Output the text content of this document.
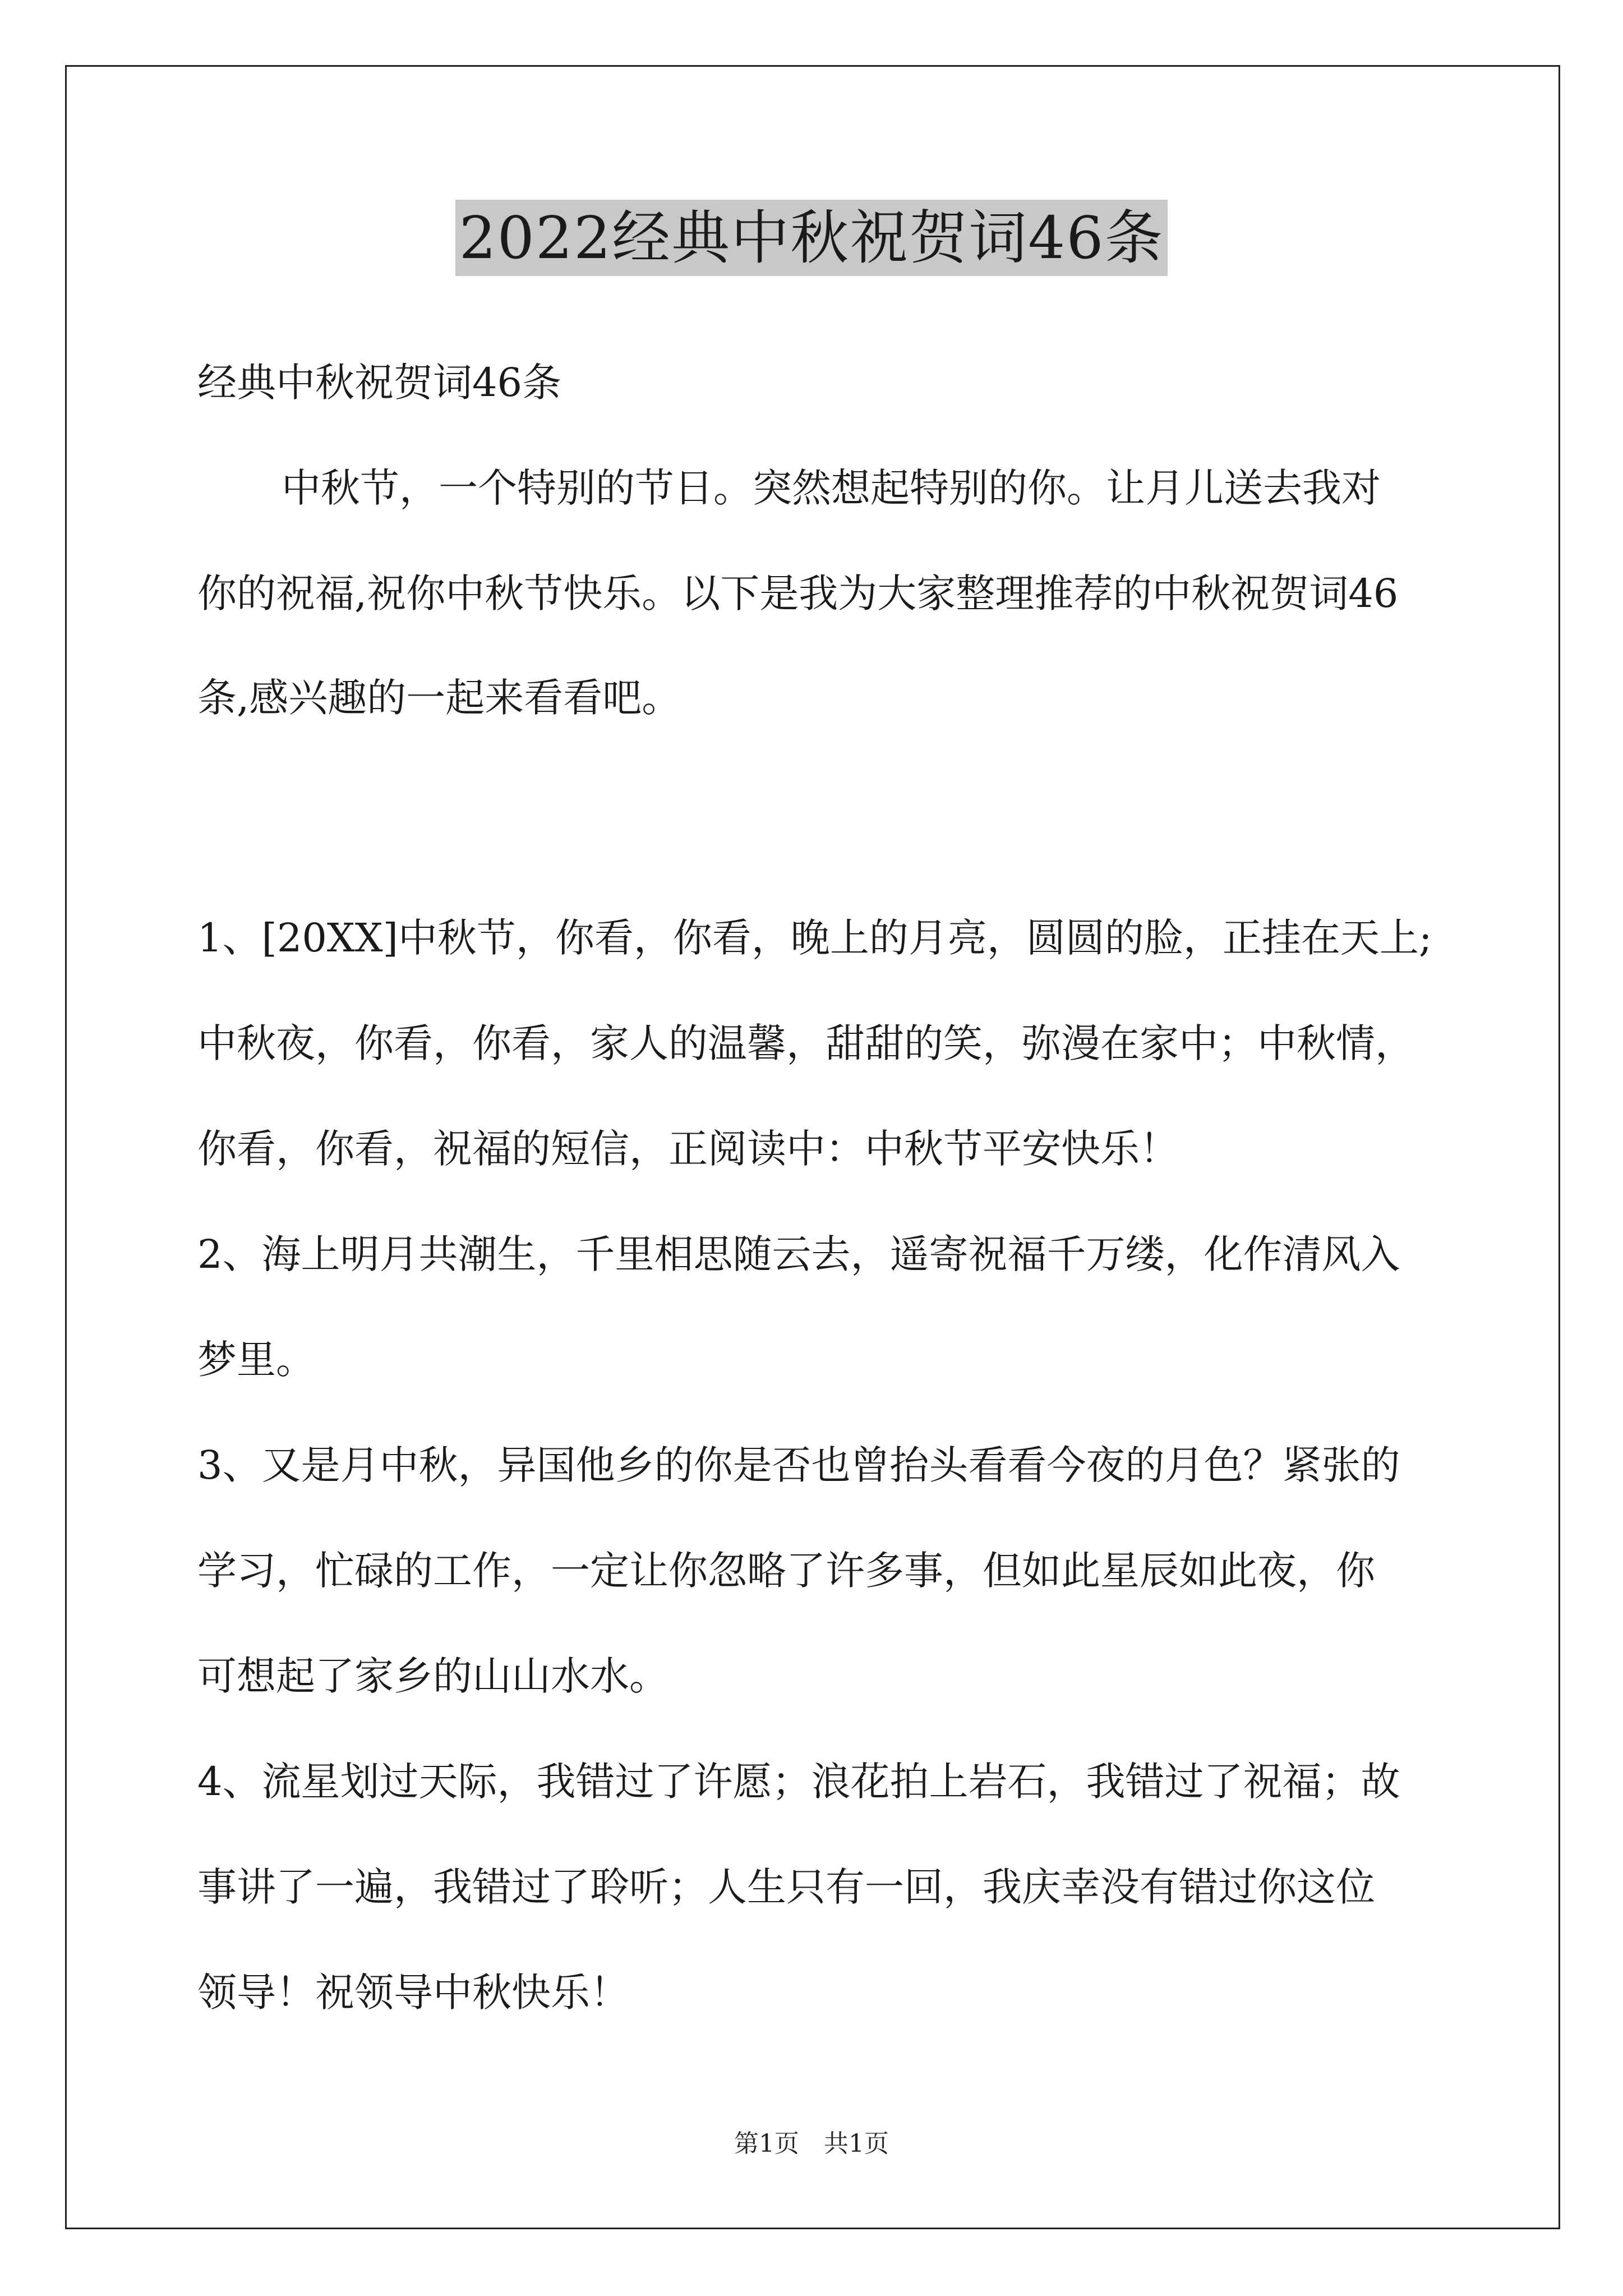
2022经典中秋祝贺词46条
经典中秋祝贺词46条
中秋节，一个特别的节日。突然想起特别的你。让月儿送去我对
你的祝福,祝你中秋节快乐。以下是我为大家整理推荐的中秋祝贺词46
条,感兴趣的一起来看看吧。
1、[20XX]中秋节，你看，你看，晚上的月亮，圆圆的脸，正挂在天上;
中秋夜，你看，你看，家人的温馨，甜甜的笑，弥漫在家中；中秋情，
你看，你看，祝福的短信，正阅读中：中秋节平安快乐！
2、海上明月共潮生，千里相思随云去，遥寄祝福千万缕，化作清风入
梦里。
3、又是月中秋，异国他乡的你是否也曾抬头看看今夜的月色？紧张的
学习，忙碌的工作，一定让你忽略了许多事，但如此星辰如此夜，你
可想起了家乡的山山水水。
4、流星划过天际，我错过了许愿；浪花拍上岩石，我错过了祝福；故
事讲了一遍，我错过了聆听；人生只有一回，我庆幸没有错过你这位
领导！祝领导中秋快乐！
第1页　共1页
